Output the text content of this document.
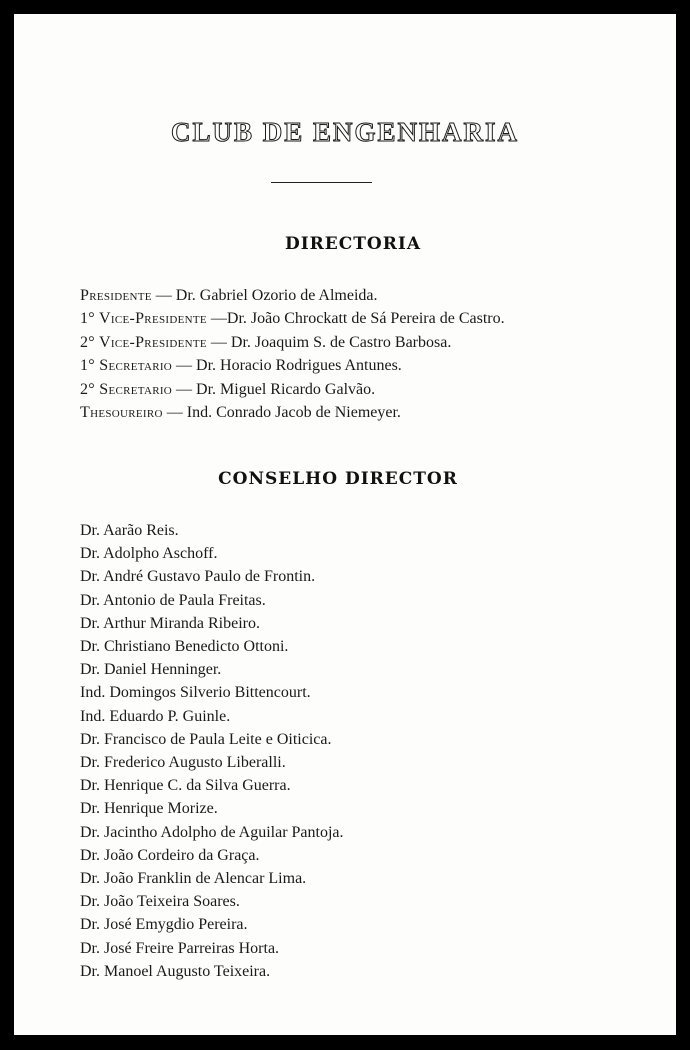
CLUB DE ENGENHARIA
DIRECTORIA
Presidente — Dr. Gabriel Ozorio de Almeida.
1° Vice-Presidente —Dr. João Chrockatt de Sá Pereira de Castro.
2° Vice-Presidente — Dr. Joaquim S. de Castro Barbosa.
1° Secretario — Dr. Horacio Rodrigues Antunes.
2° Secretario — Dr. Miguel Ricardo Galvão.
Thesoureiro — Ind. Conrado Jacob de Niemeyer.
CONSELHO DIRECTOR
Dr. Aarão Reis.
Dr. Adolpho Aschoff.
Dr. André Gustavo Paulo de Frontin.
Dr. Antonio de Paula Freitas.
Dr. Arthur Miranda Ribeiro.
Dr. Christiano Benedicto Ottoni.
Dr. Daniel Henninger.
Ind. Domingos Silverio Bittencourt.
Ind. Eduardo P. Guinle.
Dr. Francisco de Paula Leite e Oiticica.
Dr. Frederico Augusto Liberalli.
Dr. Henrique C. da Silva Guerra.
Dr. Henrique Morize.
Dr. Jacintho Adolpho de Aguilar Pantoja.
Dr. João Cordeiro da Graça.
Dr. João Franklin de Alencar Lima.
Dr. João Teixeira Soares.
Dr. José Emygdio Pereira.
Dr. José Freire Parreiras Horta.
Dr. Manoel Augusto Teixeira.
